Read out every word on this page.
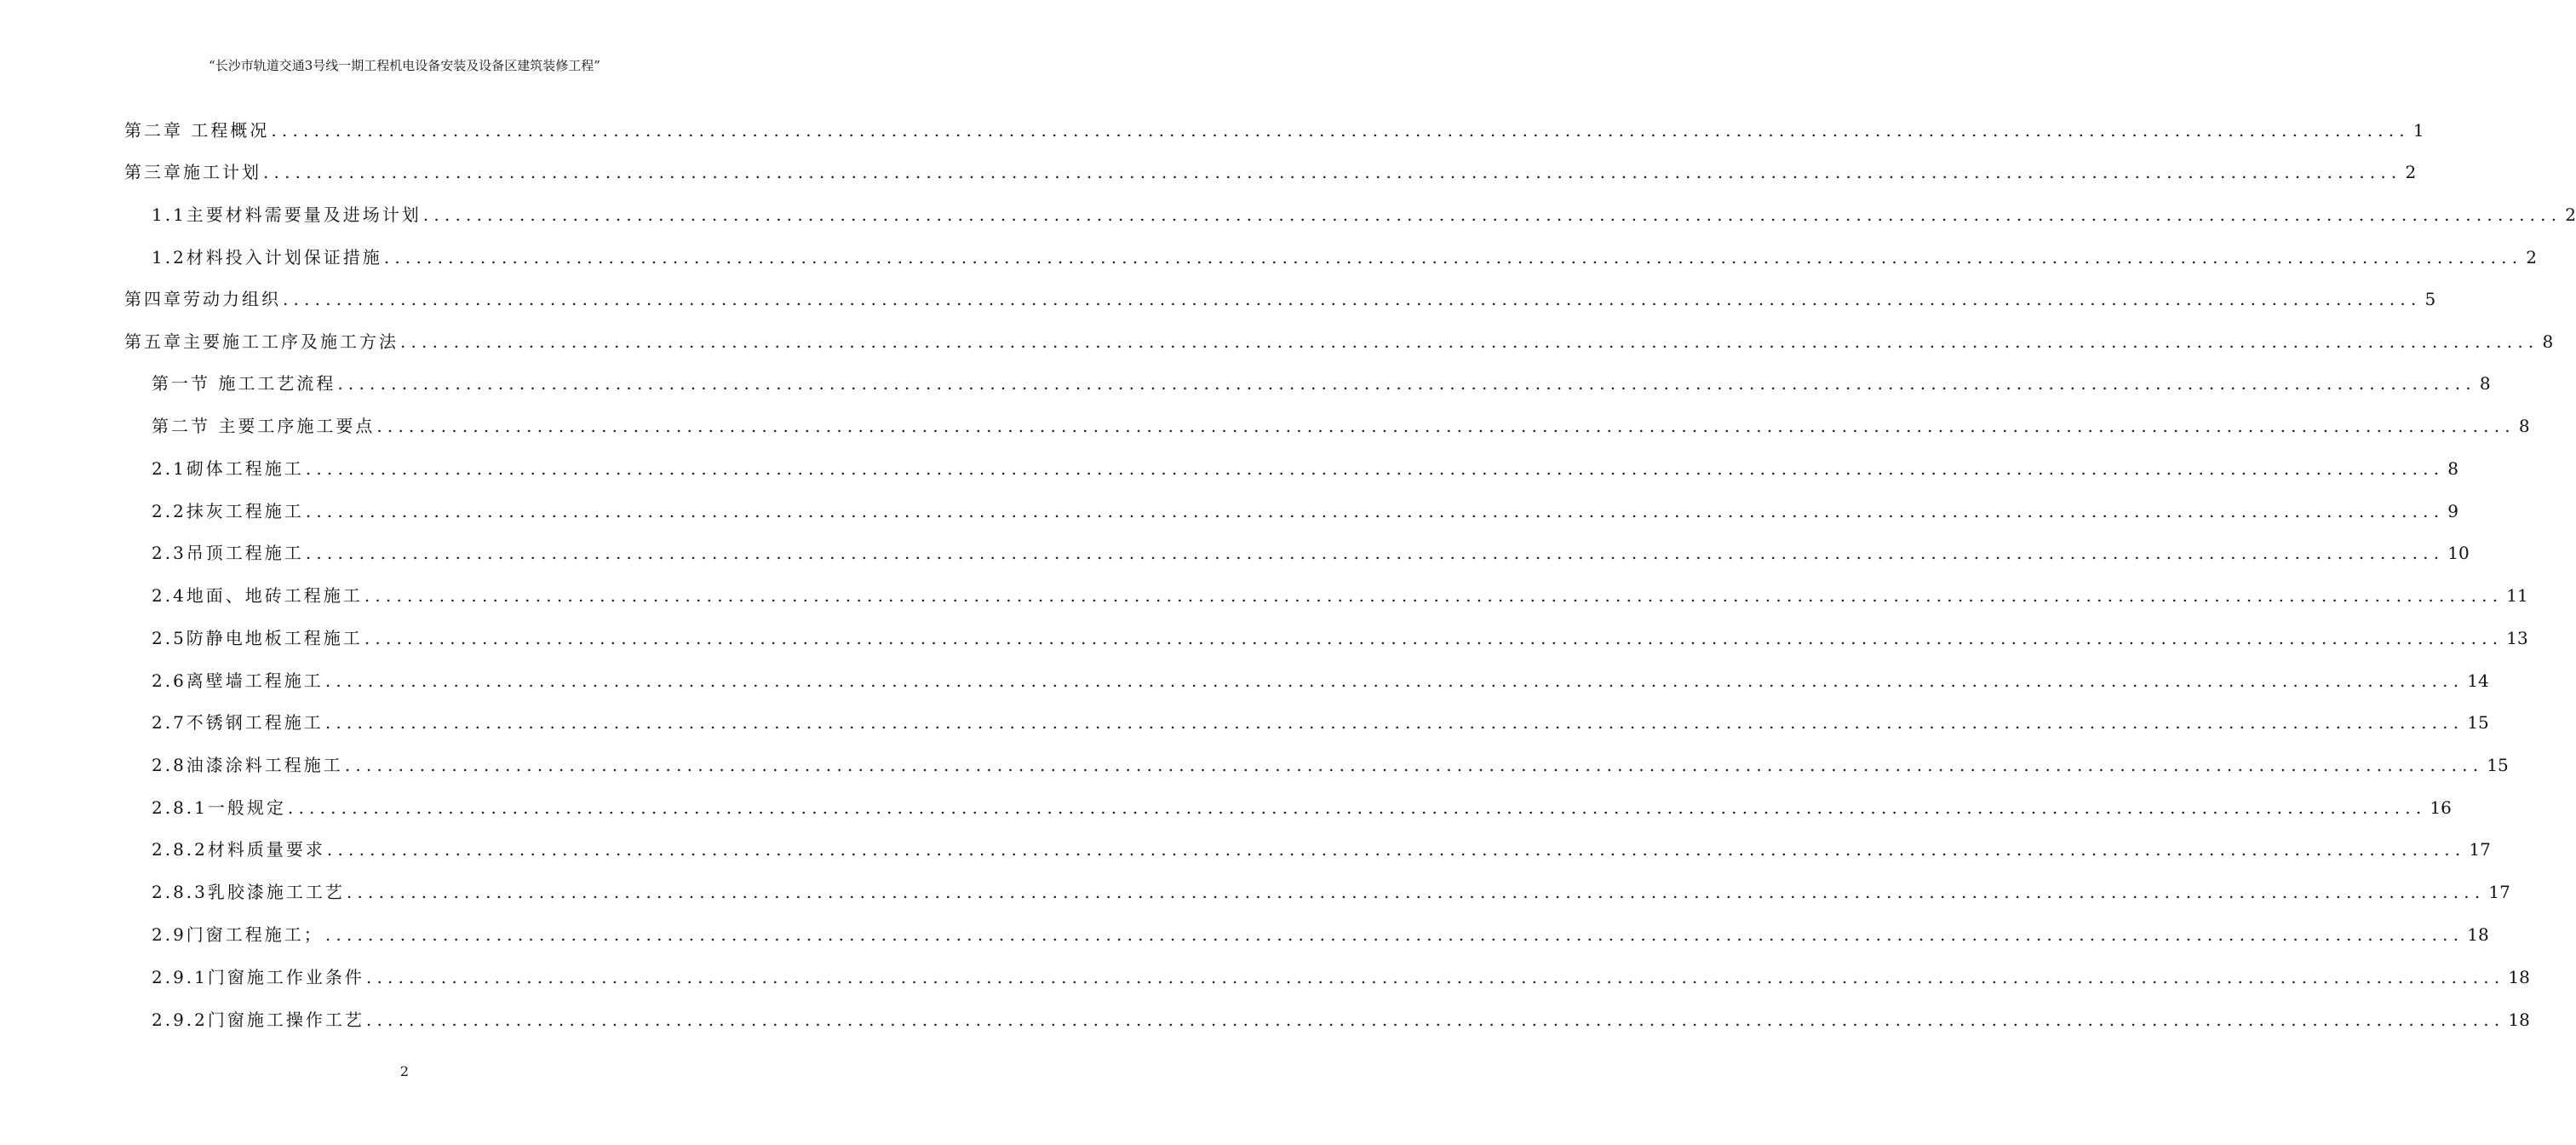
“长沙市轨道交通3号线一期工程机电设备安装及设备区建筑装修工程”
第二章 工程概况 ........................................................................................................................................................................................................ 1
第三章施工计划 ........................................................................................................................................................................................................ 2
1.1主要材料需要量及进场计划 ........................................................................................................................................................................................................ 2
1.2材料投入计划保证措施 ........................................................................................................................................................................................................ 2
第四章劳动力组织 ........................................................................................................................................................................................................ 5
第五章主要施工工序及施工方法 ........................................................................................................................................................................................................ 8
第一节 施工工艺流程 ........................................................................................................................................................................................................ 8
第二节 主要工序施工要点 ........................................................................................................................................................................................................ 8
2.1砌体工程施工 ........................................................................................................................................................................................................ 8
2.2抹灰工程施工 ........................................................................................................................................................................................................ 9
2.3吊顶工程施工 ........................................................................................................................................................................................................ 10
2.4地面、地砖工程施工 ........................................................................................................................................................................................................ 11
2.5防静电地板工程施工 ........................................................................................................................................................................................................ 13
2.6离壁墙工程施工 ........................................................................................................................................................................................................ 14
2.7不锈钢工程施工 ........................................................................................................................................................................................................ 15
2.8油漆涂料工程施工 ........................................................................................................................................................................................................ 15
2.8.1一般规定 ........................................................................................................................................................................................................ 16
2.8.2材料质量要求 ........................................................................................................................................................................................................ 17
2.8.3乳胶漆施工工艺 ........................................................................................................................................................................................................ 17
2.9门窗工程施工； ........................................................................................................................................................................................................ 18
2.9.1门窗施工作业条件 ........................................................................................................................................................................................................ 18
2.9.2门窗施工操作工艺 ........................................................................................................................................................................................................ 18
2
